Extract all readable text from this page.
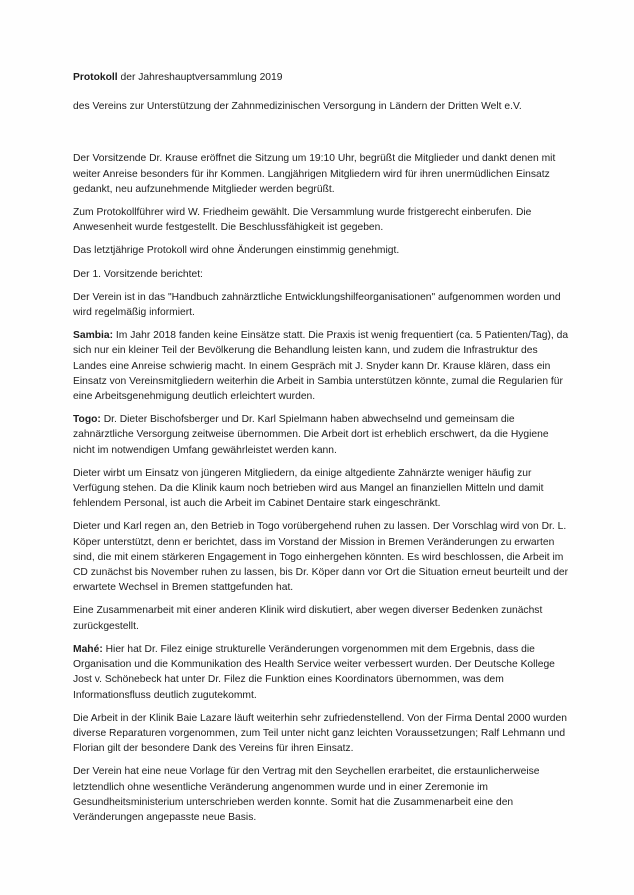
Protokoll der Jahreshauptversammlung 2019

des Vereins zur Unterstützung der Zahnmedizinischen Versorgung in Ländern der Dritten Welt e.V.

Der Vorsitzende Dr. Krause eröffnet die Sitzung um 19:10 Uhr, begrüßt die Mitglieder und dankt denen mit weiter Anreise besonders für ihr Kommen. Langjährigen Mitgliedern wird für ihren unermüdlichen Einsatz gedankt, neu aufzunehmende Mitglieder werden begrüßt.

Zum Protokollführer wird W. Friedheim gewählt. Die Versammlung wurde fristgerecht einberufen. Die Anwesenheit wurde festgestellt. Die Beschlussfähigkeit ist gegeben.

Das letztjährige Protokoll wird ohne Änderungen einstimmig genehmigt.

Der 1. Vorsitzende berichtet:

Der Verein ist in das "Handbuch zahnärztliche Entwicklungshilfeorganisationen" aufgenommen worden und wird regelmäßig informiert.

Sambia: Im Jahr 2018 fanden keine Einsätze statt. Die Praxis ist wenig frequentiert (ca. 5 Patienten/Tag), da sich nur ein kleiner Teil der Bevölkerung die Behandlung leisten kann, und zudem die Infrastruktur des Landes eine Anreise schwierig macht. In einem Gespräch mit J. Snyder kann Dr. Krause klären, dass ein Einsatz von Vereinsmitgliedern weiterhin die Arbeit in Sambia unterstützen könnte, zumal die Regularien für eine Arbeitsgenehmigung deutlich erleichtert wurden.

Togo: Dr. Dieter Bischofsberger und Dr. Karl Spielmann haben abwechselnd und gemeinsam die zahnärztliche Versorgung zeitweise übernommen. Die Arbeit dort ist erheblich erschwert, da die Hygiene nicht im notwendigen Umfang gewährleistet werden kann.

Dieter wirbt um Einsatz von jüngeren Mitgliedern, da einige altgediente Zahnärzte weniger häufig zur Verfügung stehen. Da die Klinik kaum noch betrieben wird aus Mangel an finanziellen Mitteln und damit fehlendem Personal, ist auch die Arbeit im Cabinet Dentaire stark eingeschränkt.

Dieter und Karl regen an, den Betrieb in Togo vorübergehend ruhen zu lassen. Der Vorschlag wird von Dr. L. Köper unterstützt, denn er berichtet, dass im Vorstand der Mission in Bremen Veränderungen zu erwarten sind, die mit einem stärkeren Engagement in Togo einhergehen könnten. Es wird beschlossen, die Arbeit im CD zunächst bis November ruhen zu lassen, bis Dr. Köper dann vor Ort die Situation erneut beurteilt und der erwartete Wechsel in Bremen stattgefunden hat.

Eine Zusammenarbeit mit einer anderen Klinik wird diskutiert, aber wegen diverser Bedenken zunächst zurückgestellt.

Mahé: Hier hat Dr. Filez einige strukturelle Veränderungen vorgenommen mit dem Ergebnis, dass die Organisation und die Kommunikation des Health Service weiter verbessert wurden. Der Deutsche Kollege Jost v. Schönebeck hat unter Dr. Filez die Funktion eines Koordinators übernommen, was dem Informationsfluss deutlich zugutekommt.

Die Arbeit in der Klinik Baie Lazare läuft weiterhin sehr zufriedenstellend. Von der Firma Dental 2000 wurden diverse Reparaturen vorgenommen, zum Teil unter nicht ganz leichten Voraussetzungen; Ralf Lehmann und Florian gilt der besondere Dank des Vereins für ihren Einsatz.

Der Verein hat eine neue Vorlage für den Vertrag mit den Seychellen erarbeitet, die erstaunlicherweise letztendlich ohne wesentliche Veränderung angenommen wurde und in einer Zeremonie im Gesundheitsministerium unterschrieben werden konnte. Somit hat die Zusammenarbeit eine den Veränderungen angepasste neue Basis.
